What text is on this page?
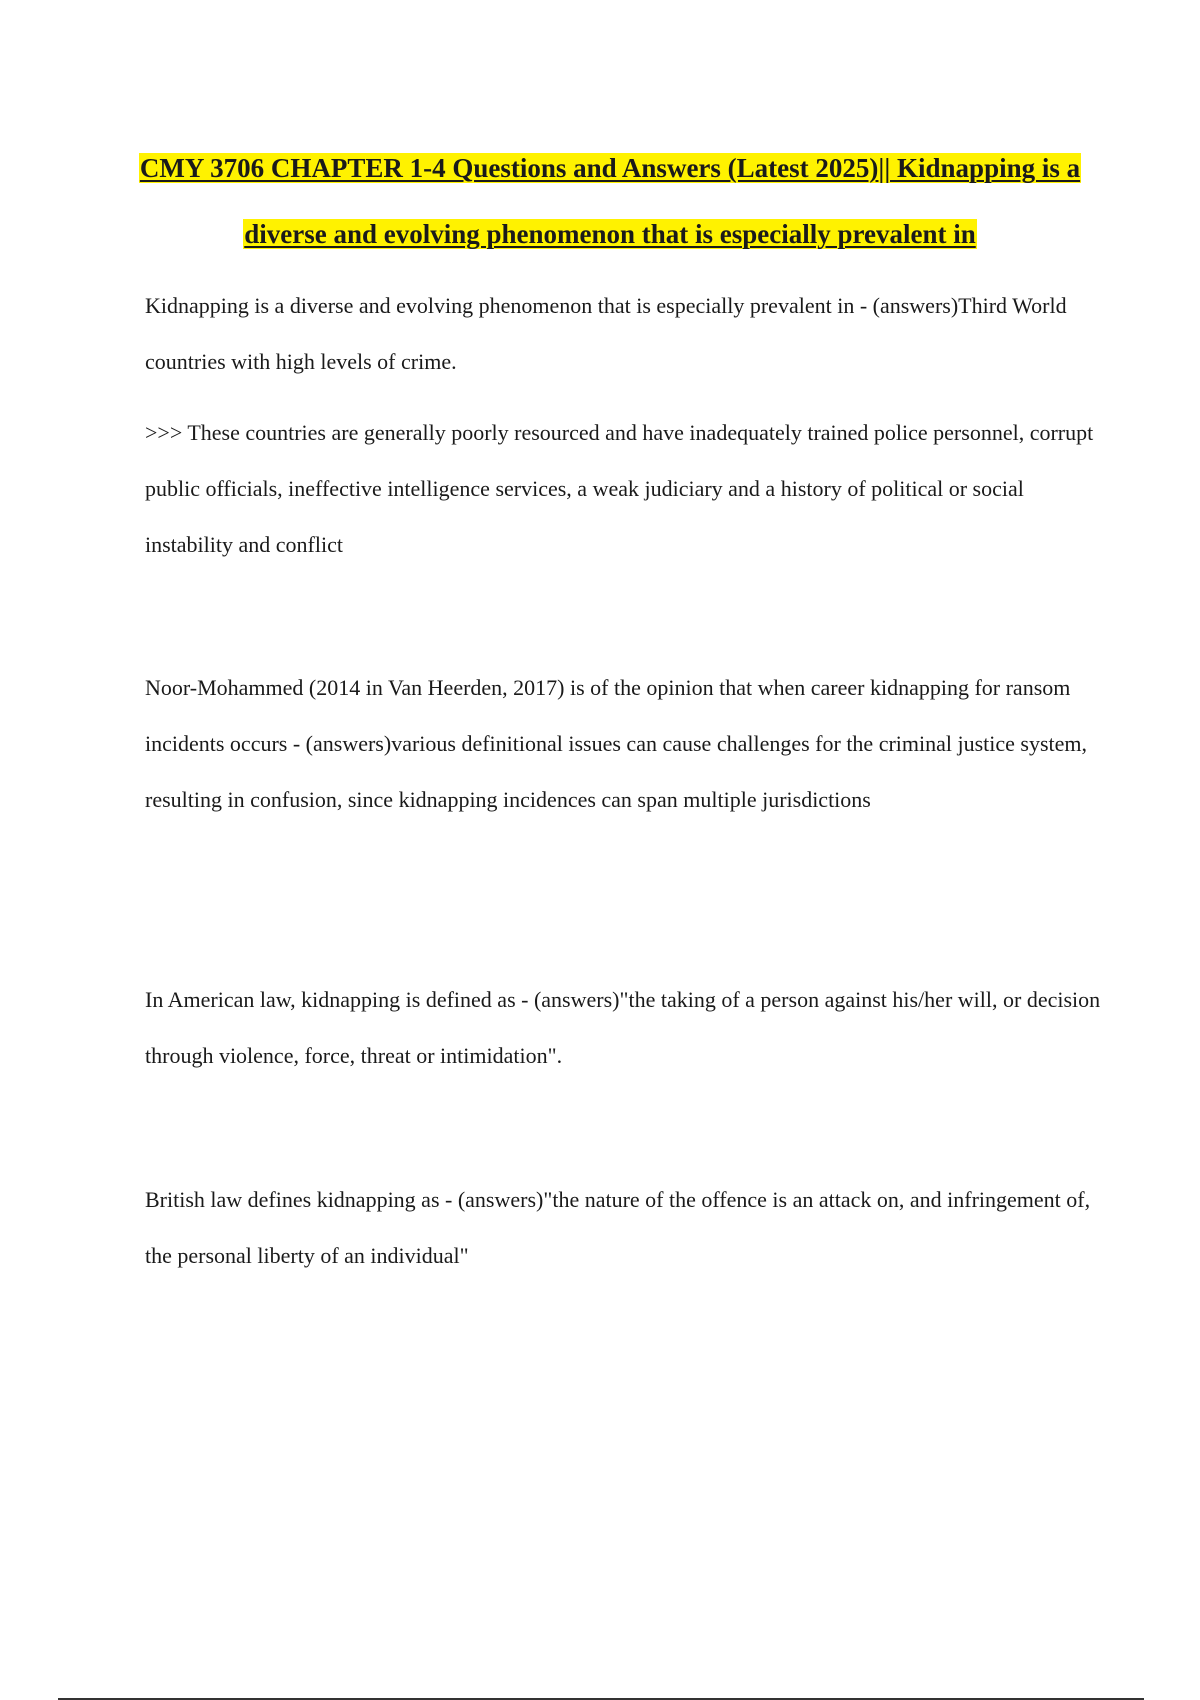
CMY 3706 CHAPTER 1-4 Questions and Answers (Latest 2025)|| Kidnapping is a diverse and evolving phenomenon that is especially prevalent in

Kidnapping is a diverse and evolving phenomenon that is especially prevalent in - (answers)Third World countries with high levels of crime.

>>> These countries are generally poorly resourced and have inadequately trained police personnel, corrupt public officials, ineffective intelligence services, a weak judiciary and a history of political or social instability and conflict

Noor-Mohammed (2014 in Van Heerden, 2017) is of the opinion that when career kidnapping for ransom incidents occurs - (answers)various definitional issues can cause challenges for the criminal justice system, resulting in confusion, since kidnapping incidences can span multiple jurisdictions

In American law, kidnapping is defined as - (answers)"the taking of a person against his/her will, or decision through violence, force, threat or intimidation".

British law defines kidnapping as - (answers)"the nature of the offence is an attack on, and infringement of, the personal liberty of an individual"
